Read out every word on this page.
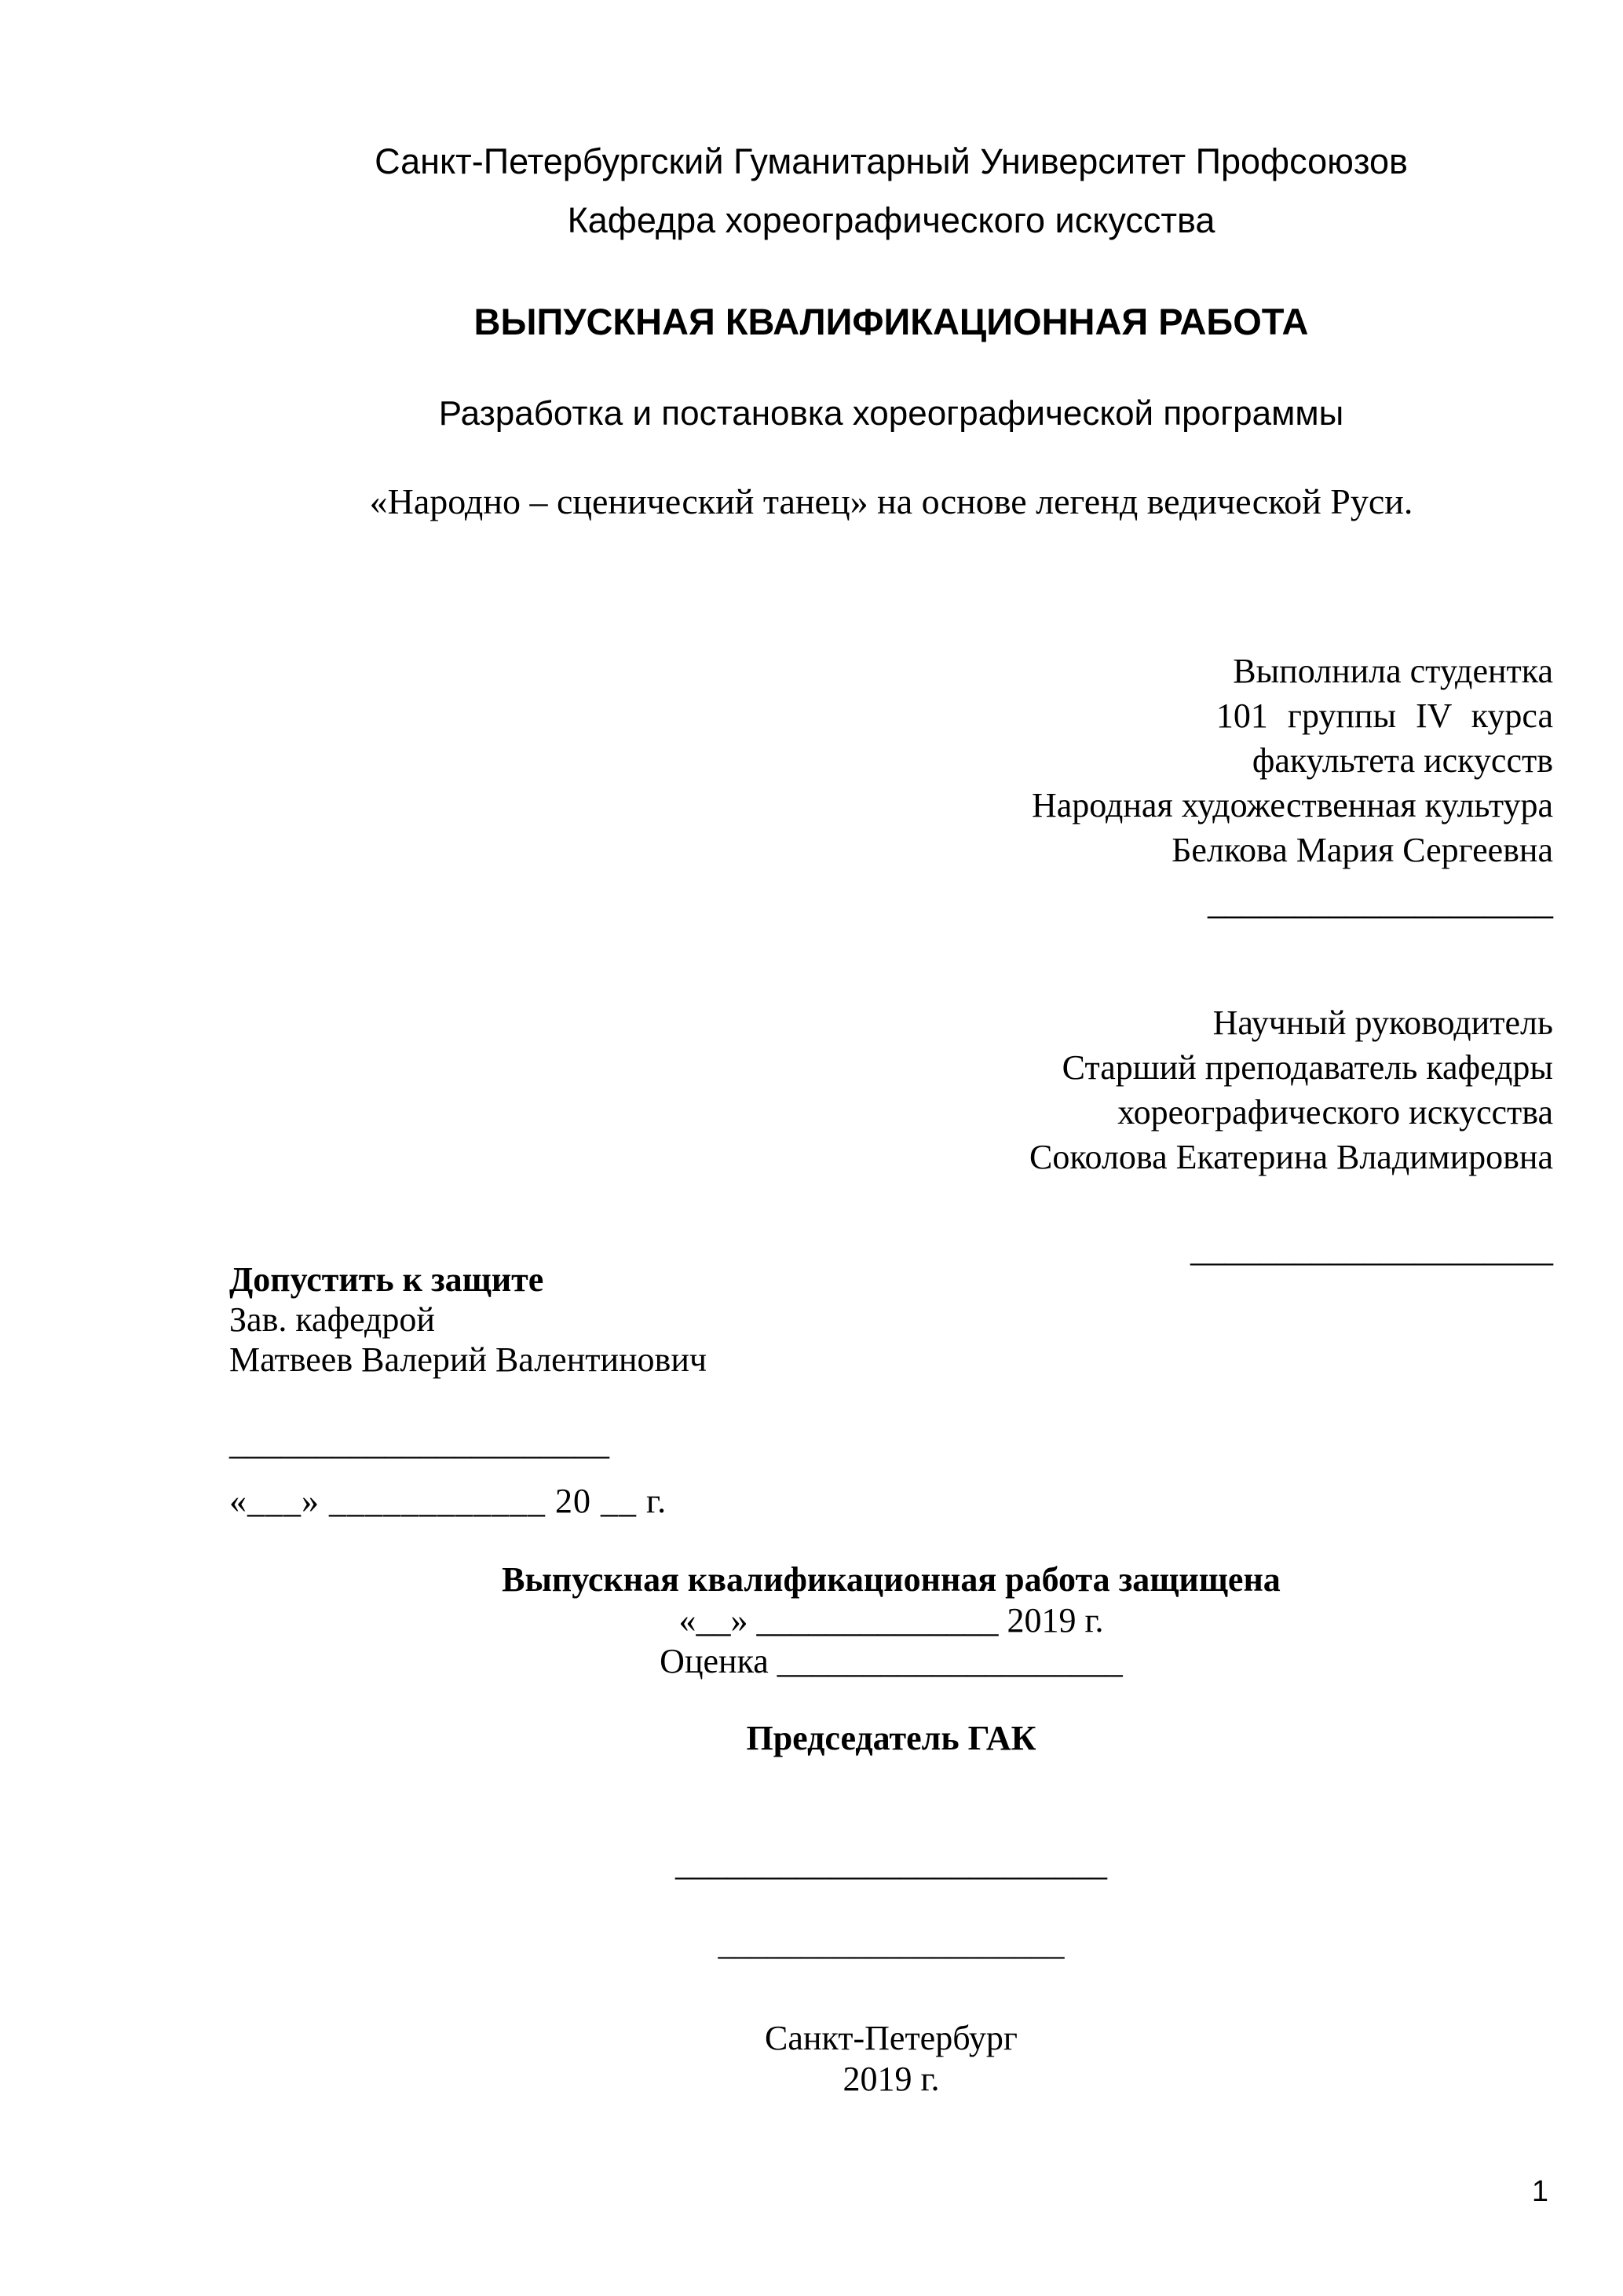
Санкт-Петербургский Гуманитарный Университет Профсоюзов
Кафедра хореографического искусства
ВЫПУСКНАЯ КВАЛИФИКАЦИОННАЯ РАБОТА
Разработка и постановка хореографической программы
«Народно – сценический танец» на основе легенд ведической Руси.
Выполнила студентка
101 группы IV курса
факультета искусств
Народная художественная культура
Белкова Мария Сергеевна
____________________
Научный руководитель
Старший преподаватель кафедры
хореографического искусства
Соколова Екатерина Владимировна
_____________________
Допустить к защите
Зав. кафедрой
Матвеев Валерий Валентинович
______________________
«___» ____________ 20 __ г.
Выпускная квалификационная работа защищена
«__» ______________ 2019 г.
Оценка ____________________
Председатель ГАК
_________________________
_____________________
Санкт-Петербург
2019 г.
1
